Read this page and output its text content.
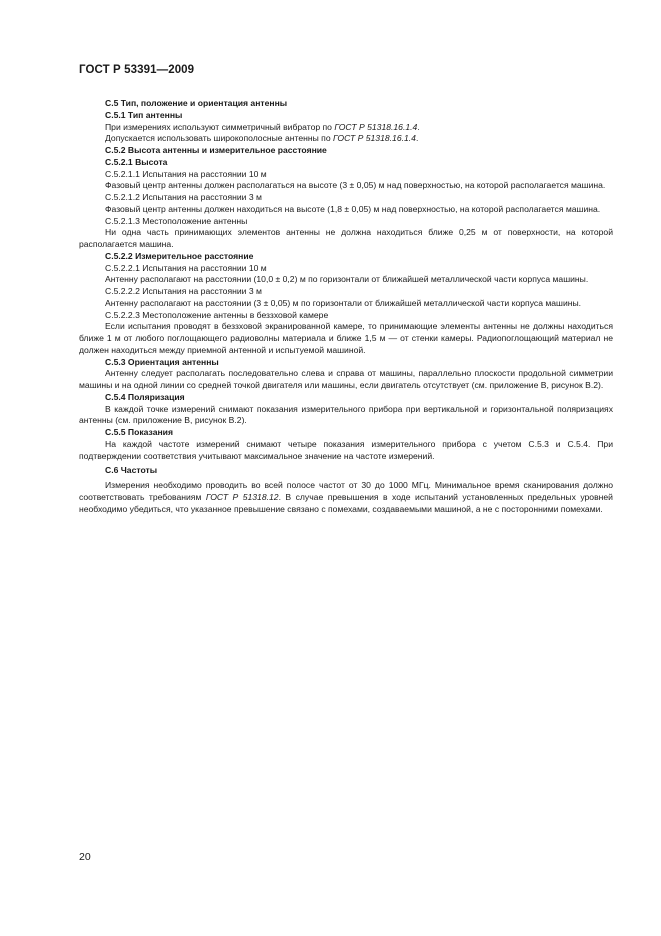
ГОСТ Р 53391—2009

С.5 Тип, положение и ориентация антенны

С.5.1 Тип антенны

При измерениях используют симметричный вибратор по ГОСТ Р 51318.16.1.4.

Допускается использовать широкополосные антенны по ГОСТ Р 51318.16.1.4.

С.5.2 Высота антенны и измерительное расстояние

С.5.2.1 Высота

С.5.2.1.1 Испытания на расстоянии 10 м

Фазовый центр антенны должен располагаться на высоте (3 ± 0,05) м над поверхностью, на которой располагается машина.

С.5.2.1.2 Испытания на расстоянии 3 м

Фазовый центр антенны должен находиться на высоте (1,8 ± 0,05) м над поверхностью, на которой располагается машина.

С.5.2.1.3 Местоположение антенны

Ни одна часть принимающих элементов антенны не должна находиться ближе 0,25 м от поверхности, на которой располагается машина.

С.5.2.2 Измерительное расстояние

С.5.2.2.1 Испытания на расстоянии 10 м

Антенну располагают на расстоянии (10,0 ± 0,2) м по горизонтали от ближайшей металлической части корпуса машины.

С.5.2.2.2 Испытания на расстоянии 3 м

Антенну располагают на расстоянии (3 ± 0,05) м по горизонтали от ближайшей металлической части корпуса машины.

С.5.2.2.3 Местоположение антенны в беззховой камере

Если испытания проводят в беззховой экранированной камере, то принимающие элементы антенны не должны находиться ближе 1 м от любого поглощающего радиоволны материала и ближе 1,5 м — от стенки камеры. Радиопоглощающий материал не должен находиться между приемной антенной и испытуемой машиной.

С.5.3 Ориентация антенны

Антенну следует располагать последовательно слева и справа от машины, параллельно плоскости продольной симметрии машины и на одной линии со средней точкой двигателя или машины, если двигатель отсутствует (см. приложение В, рисунок В.2).

С.5.4 Поляризация

В каждой точке измерений снимают показания измерительного прибора при вертикальной и горизонтальной поляризациях антенны (см. приложение В, рисунок В.2).

С.5.5 Показания

На каждой частоте измерений снимают четыре показания измерительного прибора с учетом С.5.3 и С.5.4. При подтверждении соответствия учитывают максимальное значение на частоте измерений.

С.6 Частоты

Измерения необходимо проводить во всей полосе частот от 30 до 1000 МГц. Минимальное время сканирования должно соответствовать требованиям ГОСТ Р 51318.12. В случае превышения в ходе испытаний установленных предельных уровней необходимо убедиться, что указанное превышение связано с помехами, создаваемыми машиной, а не с посторонними помехами.

20
